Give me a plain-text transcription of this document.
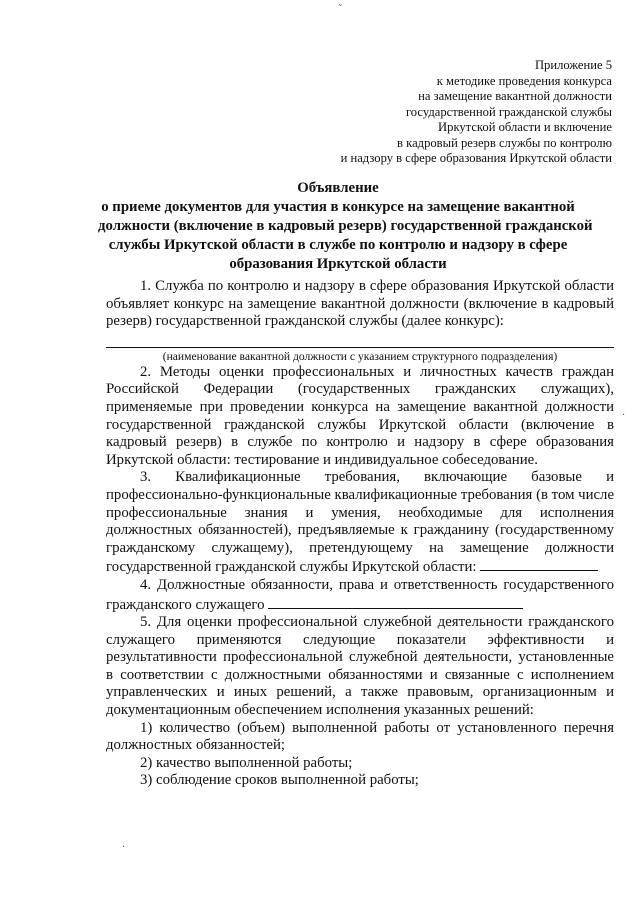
ˇ
Приложение 5
к методике проведения конкурса
на замещение вакантной должности
государственной гражданской службы
Иркутской области и включение
в кадровый резерв службы по контролю
и надзору в сфере образования Иркутской области
Объявление
о приеме документов для участия в конкурсе на замещение вакантной
должности (включение в кадровый резерв) государственной гражданской
службы Иркутской области в службе по контролю и надзору в сфере
образования Иркутской области

1. Служба по контролю и надзору в сфере образования Иркутской области объявляет конкурс на замещение вакантной должности (включение в кадровый резерв) государственной гражданской службы (далее конкурс):

(наименование вакантной должности с указанием структурного подразделения)

2. Методы оценки профессиональных и личностных качеств граждан Российской Федерации (государственных гражданских служащих), применяемые при проведении конкурса на замещение вакантной должности государственной гражданской службы Иркутской области (включение в кадровый резерв) в службе по контролю и надзору в сфере образования Иркутской области: тестирование и индивидуальное собеседование.

3. Квалификационные требования, включающие базовые и профессионально-функциональные квалификационные требования (в том числе профессиональные знания и умения, необходимые для исполнения должностных обязанностей), предъявляемые к гражданину (государственному гражданскому служащему), претендующему на замещение должности государственной гражданской службы Иркутской области:

4. Должностные обязанности, права и ответственность государственного гражданского служащего

5. Для оценки профессиональной служебной деятельности гражданского служащего применяются следующие показатели эффективности и результативности профессиональной служебной деятельности, установленные в соответствии с должностными обязанностями и связанные с исполнением управленческих и иных решений, а также правовым, организационным и документационным обеспечением исполнения указанных решений:

1) количество (объем) выполненной работы от установленного перечня должностных обязанностей;

2) качество выполненной работы;

3) соблюдение сроков выполненной работы;

·
·
